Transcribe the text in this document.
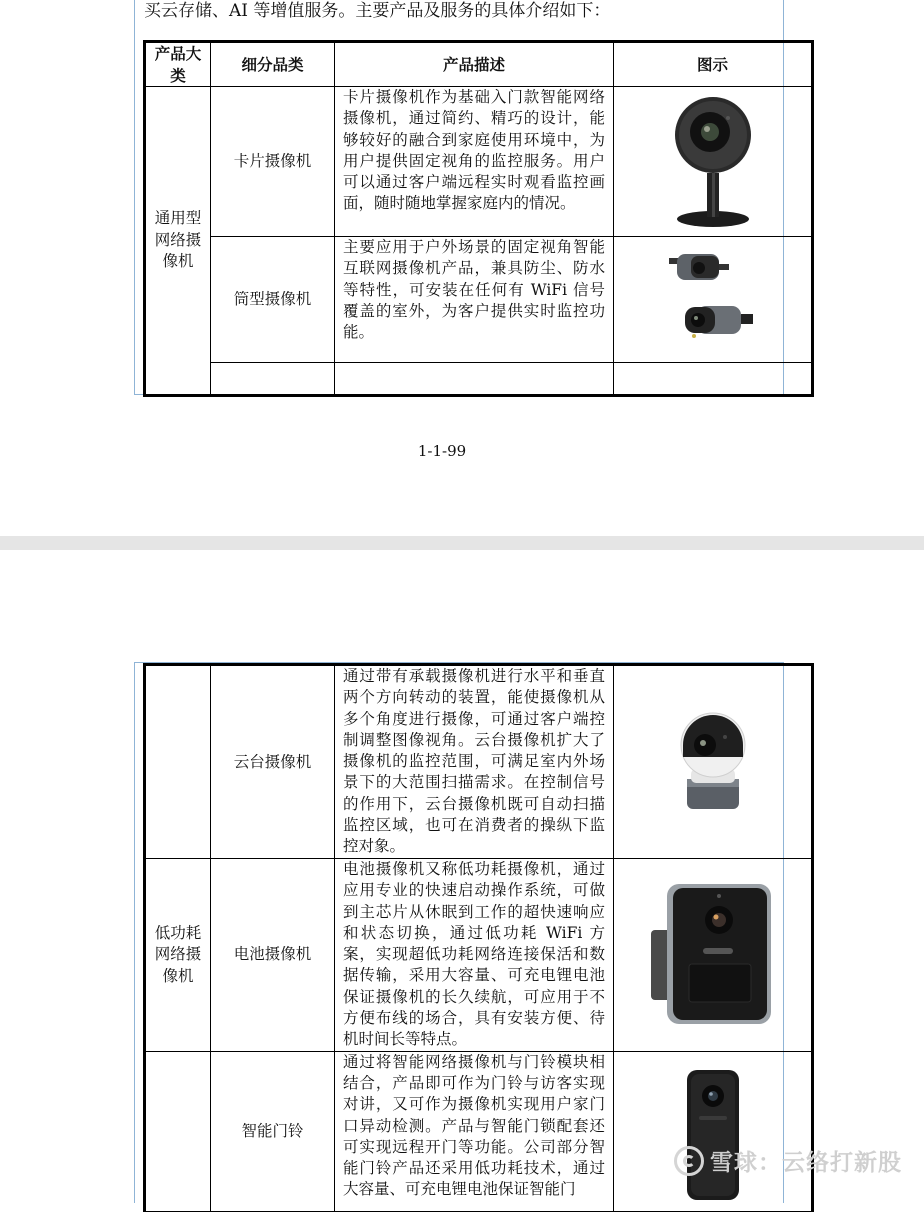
买云存储、AI 等增值服务。主要产品及服务的具体介绍如下：
产品大类	细分品类	产品描述	图示
通用型网络摄像机	卡片摄像机	卡片摄像机作为基础入门款智能网络摄像机，通过简约、精巧的设计，能够较好的融合到家庭使用环境中，为用户提供固定视角的监控服务。用户可以通过客户端远程实时观看监控画面，随时随地掌握家庭内的情况。	

	筒型摄像机	主要应用于户外场景的固定视角智能互联网摄像机产品，兼具防尘、防水等特性，可安装在任何有 WiFi 信号覆盖的室外，为客户提供实时监控功能。	

1-1-99
	云台摄像机	通过带有承载摄像机进行水平和垂直两个方向转动的装置，能使摄像机从多个角度进行摄像，可通过客户端控制调整图像视角。云台摄像机扩大了摄像机的监控范围，可满足室内外场景下的大范围扫描需求。在控制信号的作用下，云台摄像机既可自动扫描监控区域，也可在消费者的操纵下监控对象。	

低功耗网络摄像机	电池摄像机	电池摄像机又称低功耗摄像机，通过应用专业的快速启动操作系统，可做到主芯片从休眠到工作的超快速响应和状态切换，通过低功耗 WiFi 方案，实现超低功耗网络连接保活和数据传输，采用大容量、可充电锂电池保证摄像机的长久续航，可应用于不方便布线的场合，具有安装方便、待机时间长等特点。	

	智能门铃	通过将智能网络摄像机与门铃模块相结合，产品即可作为门铃与访客实现对讲，又可作为摄像机实现用户家门口异动检测。产品与智能门锁配套还可实现远程开门等功能。公司部分智能门铃产品还采用低功耗技术，通过大容量、可充电锂电池保证智能门	
雪球：云络打新股
